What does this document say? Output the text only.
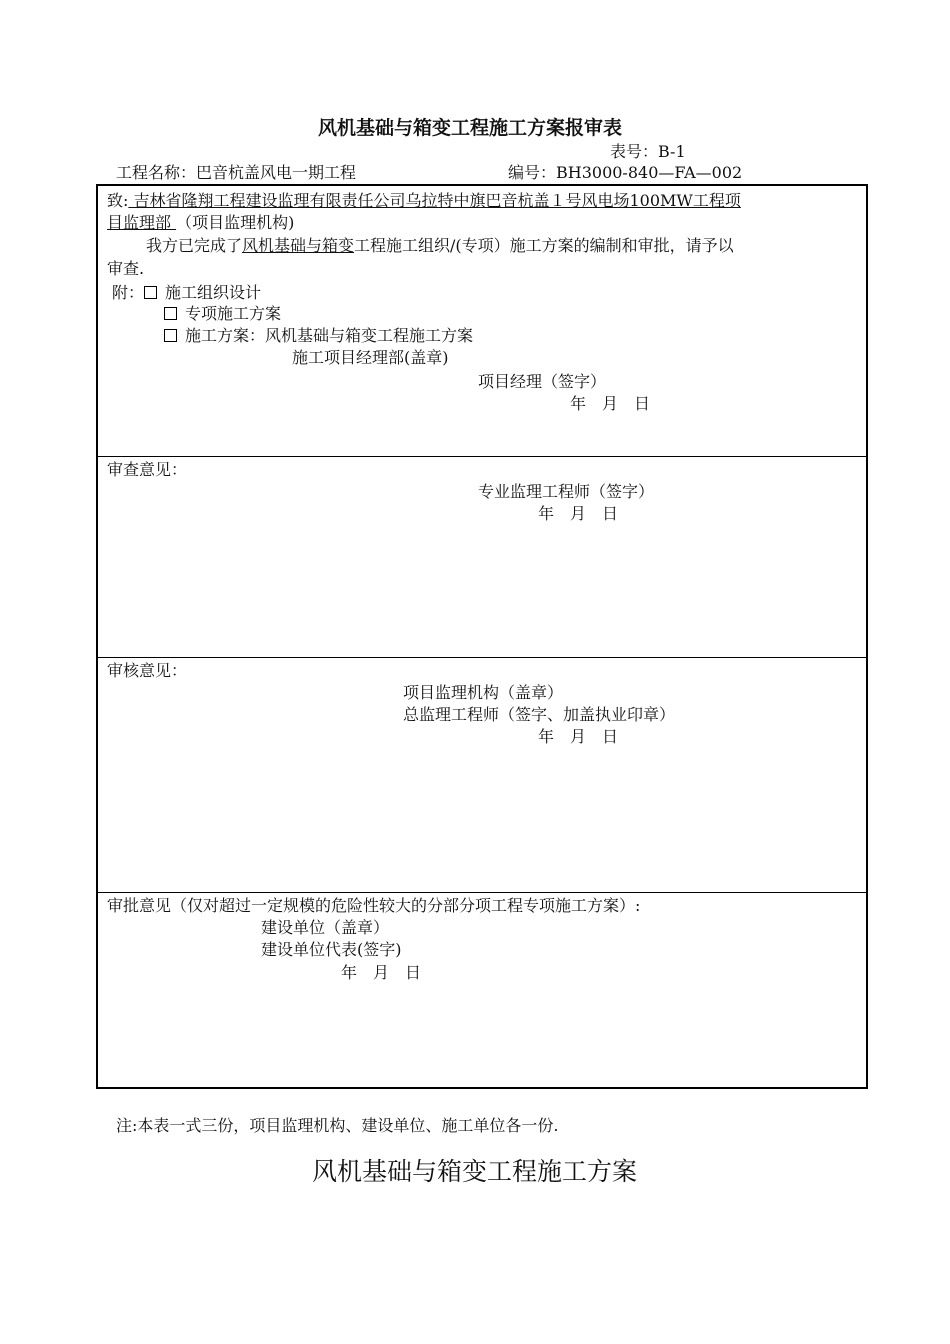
风机基础与箱变工程施工方案报审表
表号：B-1
工程名称：巴音杭盖风电一期工程	编号：BH3000-840—FA—002
致: 吉林省隆翔工程建设监理有限责任公司乌拉特中旗巴音杭盖１号风电场100MW工程项
目监理部 （项目监理机构)
我方已完成了风机基础与箱变工程施工组织/(专项）施工方案的编制和审批，请予以
审查.
附： 施工组织设计
专项施工方案
施工方案：风机基础与箱变工程施工方案
施工项目经理部(盖章)
项目经理（签字）
年　月　日
审查意见：
专业监理工程师（签字）
年　月　日
审核意见：
项目监理机构（盖章）
总监理工程师（签字、加盖执业印章）
年　月　日
审批意见（仅对超过一定规模的危险性较大的分部分项工程专项施工方案）:
建设单位（盖章）
建设单位代表(签字)
年　月　日
注:本表一式三份，项目监理机构、建设单位、施工单位各一份.
风机基础与箱变工程施工方案
